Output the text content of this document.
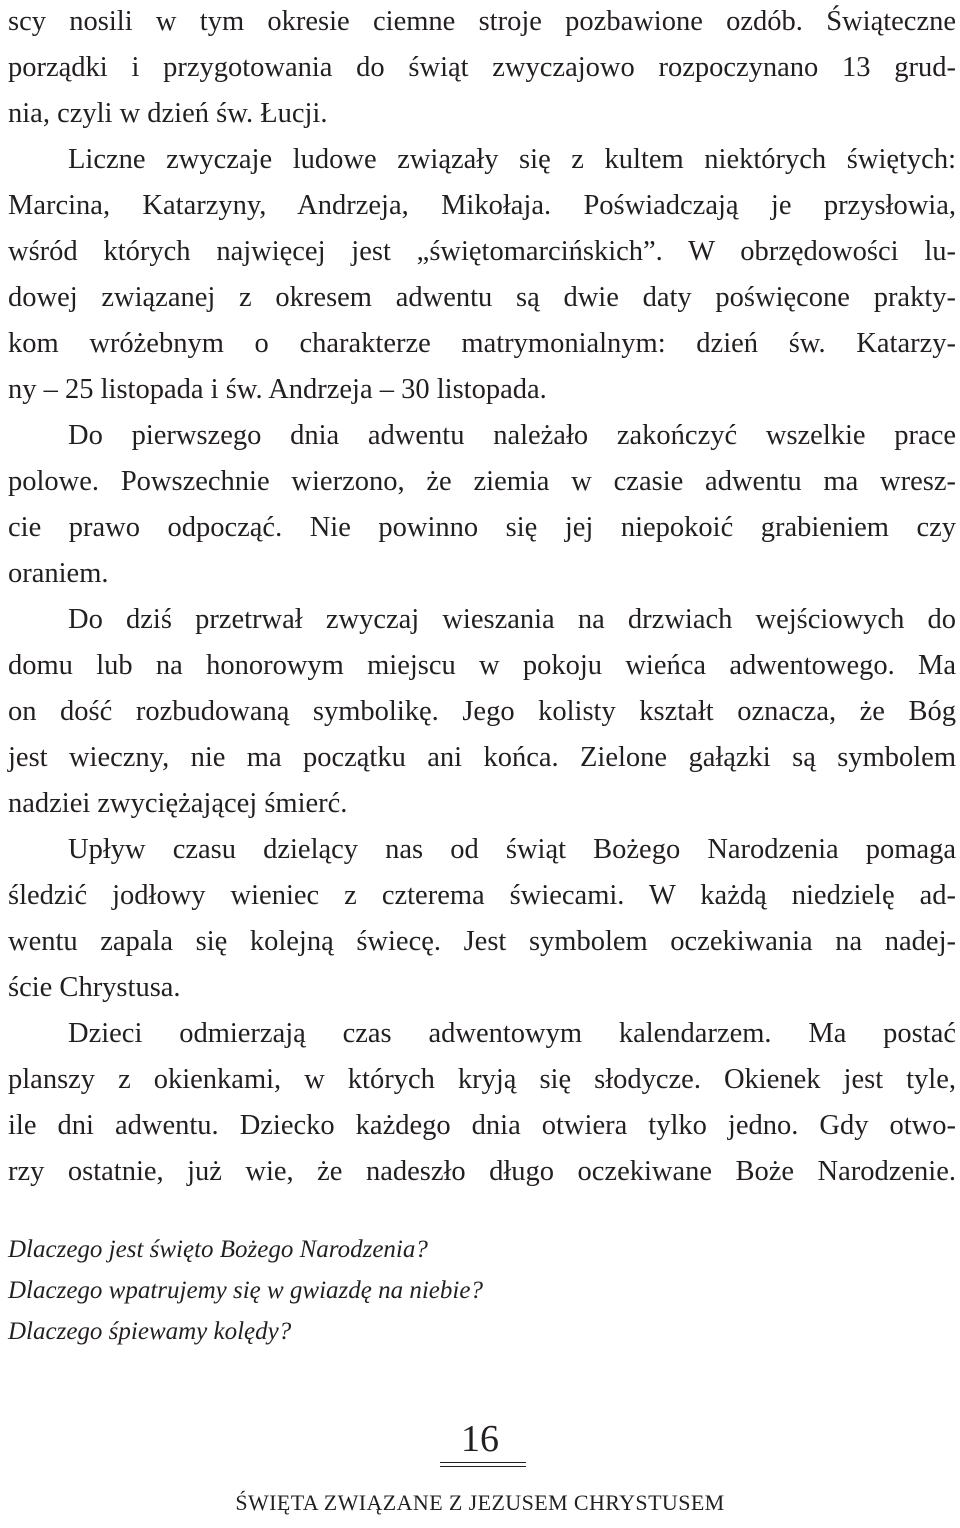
scy nosili w tym okresie ciemne stroje pozbawione ozdób. Świąteczne
porządki i przygotowania do świąt zwyczajowo rozpoczynano 13 grud-
nia, czyli w dzień św. Łucji.
Liczne zwyczaje ludowe związały się z kultem niektórych świętych:
Marcina, Katarzyny, Andrzeja, Mikołaja. Poświadczają je przysłowia,
wśród których najwięcej jest „świętomarcińskich”. W obrzędowości lu-
dowej związanej z okresem adwentu są dwie daty poświęcone prakty-
kom wróżebnym o charakterze matrymonialnym: dzień św. Katarzy-
ny – 25 listopada i św. Andrzeja – 30 listopada.
Do pierwszego dnia adwentu należało zakończyć wszelkie prace
polowe. Powszechnie wierzono, że ziemia w czasie adwentu ma wresz-
cie prawo odpocząć. Nie powinno się jej niepokoić grabieniem czy
oraniem.
Do dziś przetrwał zwyczaj wieszania na drzwiach wejściowych do
domu lub na honorowym miejscu w pokoju wieńca adwentowego. Ma
on dość rozbudowaną symbolikę. Jego kolisty kształt oznacza, że Bóg
jest wieczny, nie ma początku ani końca. Zielone gałązki są symbolem
nadziei zwyciężającej śmierć.
Upływ czasu dzielący nas od świąt Bożego Narodzenia pomaga
śledzić jodłowy wieniec z czterema świecami. W każdą niedzielę ad-
wentu zapala się kolejną świecę. Jest symbolem oczekiwania na nadej-
ście Chrystusa.
Dzieci odmierzają czas adwentowym kalendarzem. Ma postać
planszy z okienkami, w których kryją się słodycze. Okienek jest tyle,
ile dni adwentu. Dziecko każdego dnia otwiera tylko jedno. Gdy otwo-
rzy ostatnie, już wie, że nadeszło długo oczekiwane Boże Narodzenie.
Dlaczego jest święto Bożego Narodzenia?
Dlaczego wpatrujemy się w gwiazdę na niebie?
Dlaczego śpiewamy kolędy?
16
ŚWIĘTA ZWIĄZANE Z JEZUSEM CHRYSTUSEM
